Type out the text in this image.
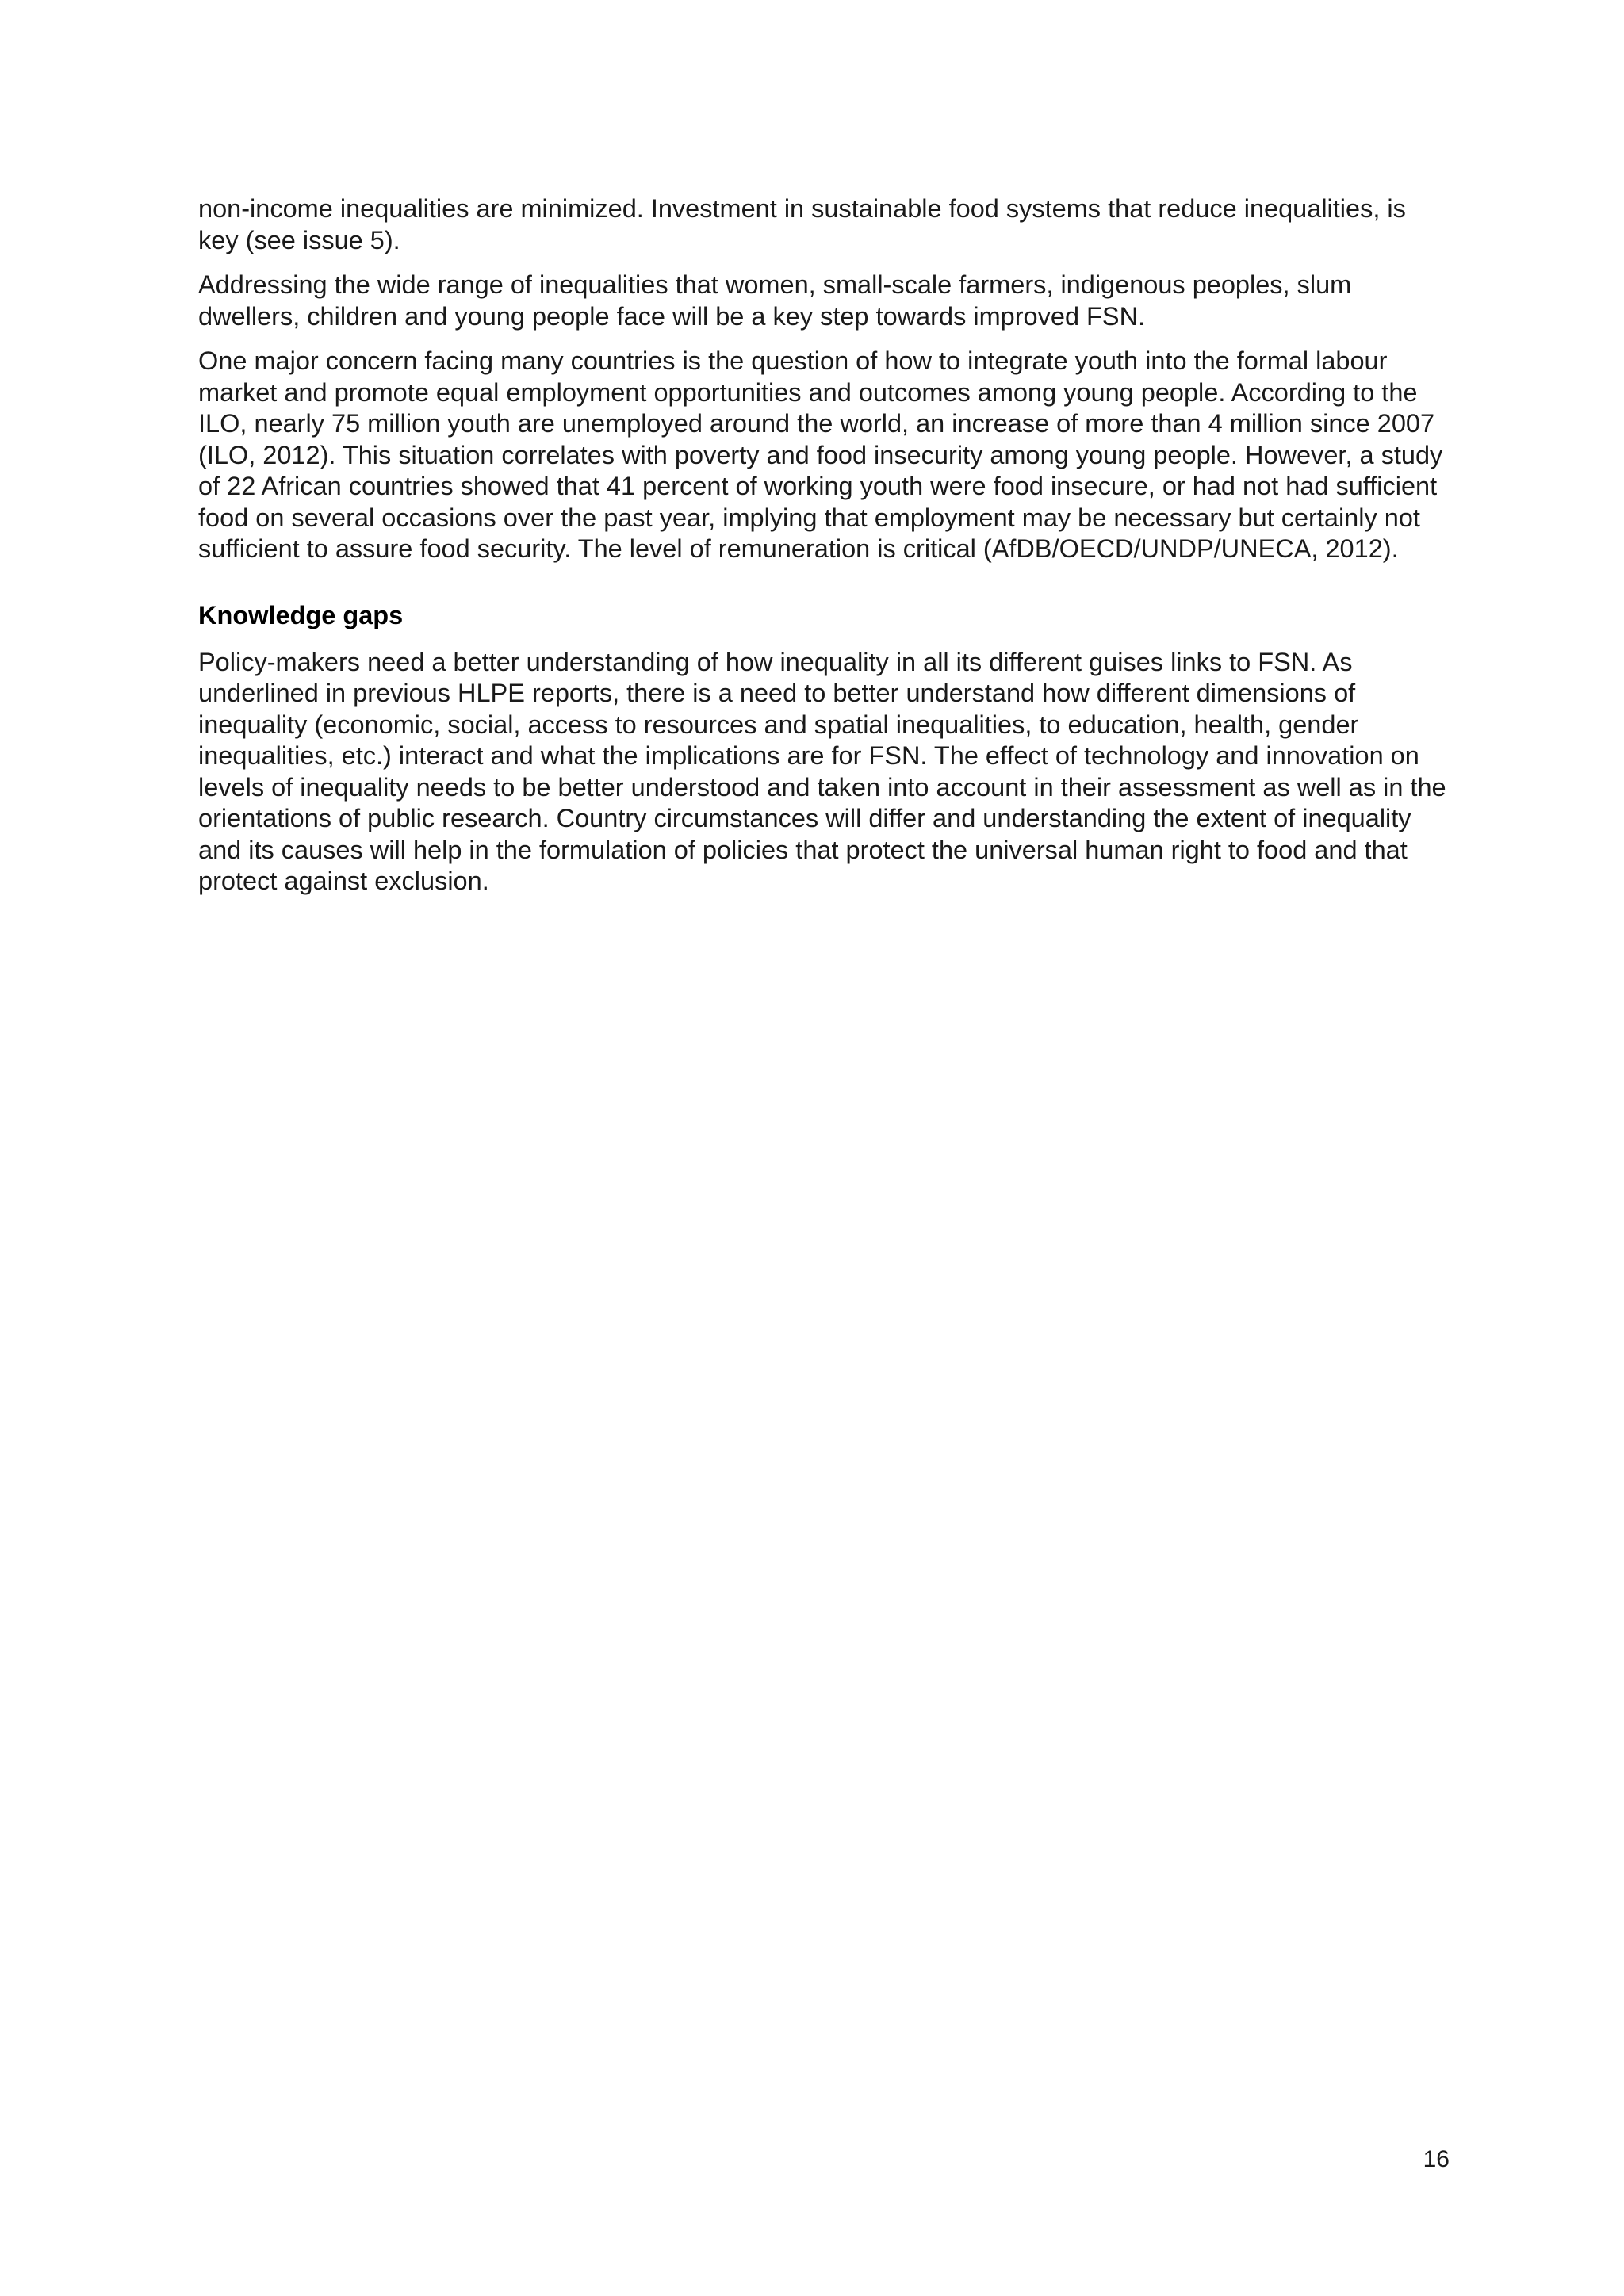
non-income inequalities are minimized. Investment in sustainable food systems that reduce inequalities, is key (see issue 5).

Addressing the wide range of inequalities that women, small-scale farmers, indigenous peoples, slum dwellers, children and young people face will be a key step towards improved FSN.

One major concern facing many countries is the question of how to integrate youth into the formal labour market and promote equal employment opportunities and outcomes among young people. According to the ILO, nearly 75 million youth are unemployed around the world, an increase of more than 4 million since 2007 (ILO, 2012). This situation correlates with poverty and food insecurity among young people. However, a study of 22 African countries showed that 41 percent of working youth were food insecure, or had not had sufficient food on several occasions over the past year, implying that employment may be necessary but certainly not sufficient to assure food security. The level of remuneration is critical (AfDB/OECD/UNDP/UNECA, 2012).

Knowledge gaps

Policy-makers need a better understanding of how inequality in all its different guises links to FSN. As underlined in previous HLPE reports, there is a need to better understand how different dimensions of inequality (economic, social, access to resources and spatial inequalities, to education, health, gender inequalities, etc.) interact and what the implications are for FSN. The effect of technology and innovation on levels of inequality needs to be better understood and taken into account in their assessment as well as in the orientations of public research. Country circumstances will differ and understanding the extent of inequality and its causes will help in the formulation of policies that protect the universal human right to food and that protect against exclusion.

16
